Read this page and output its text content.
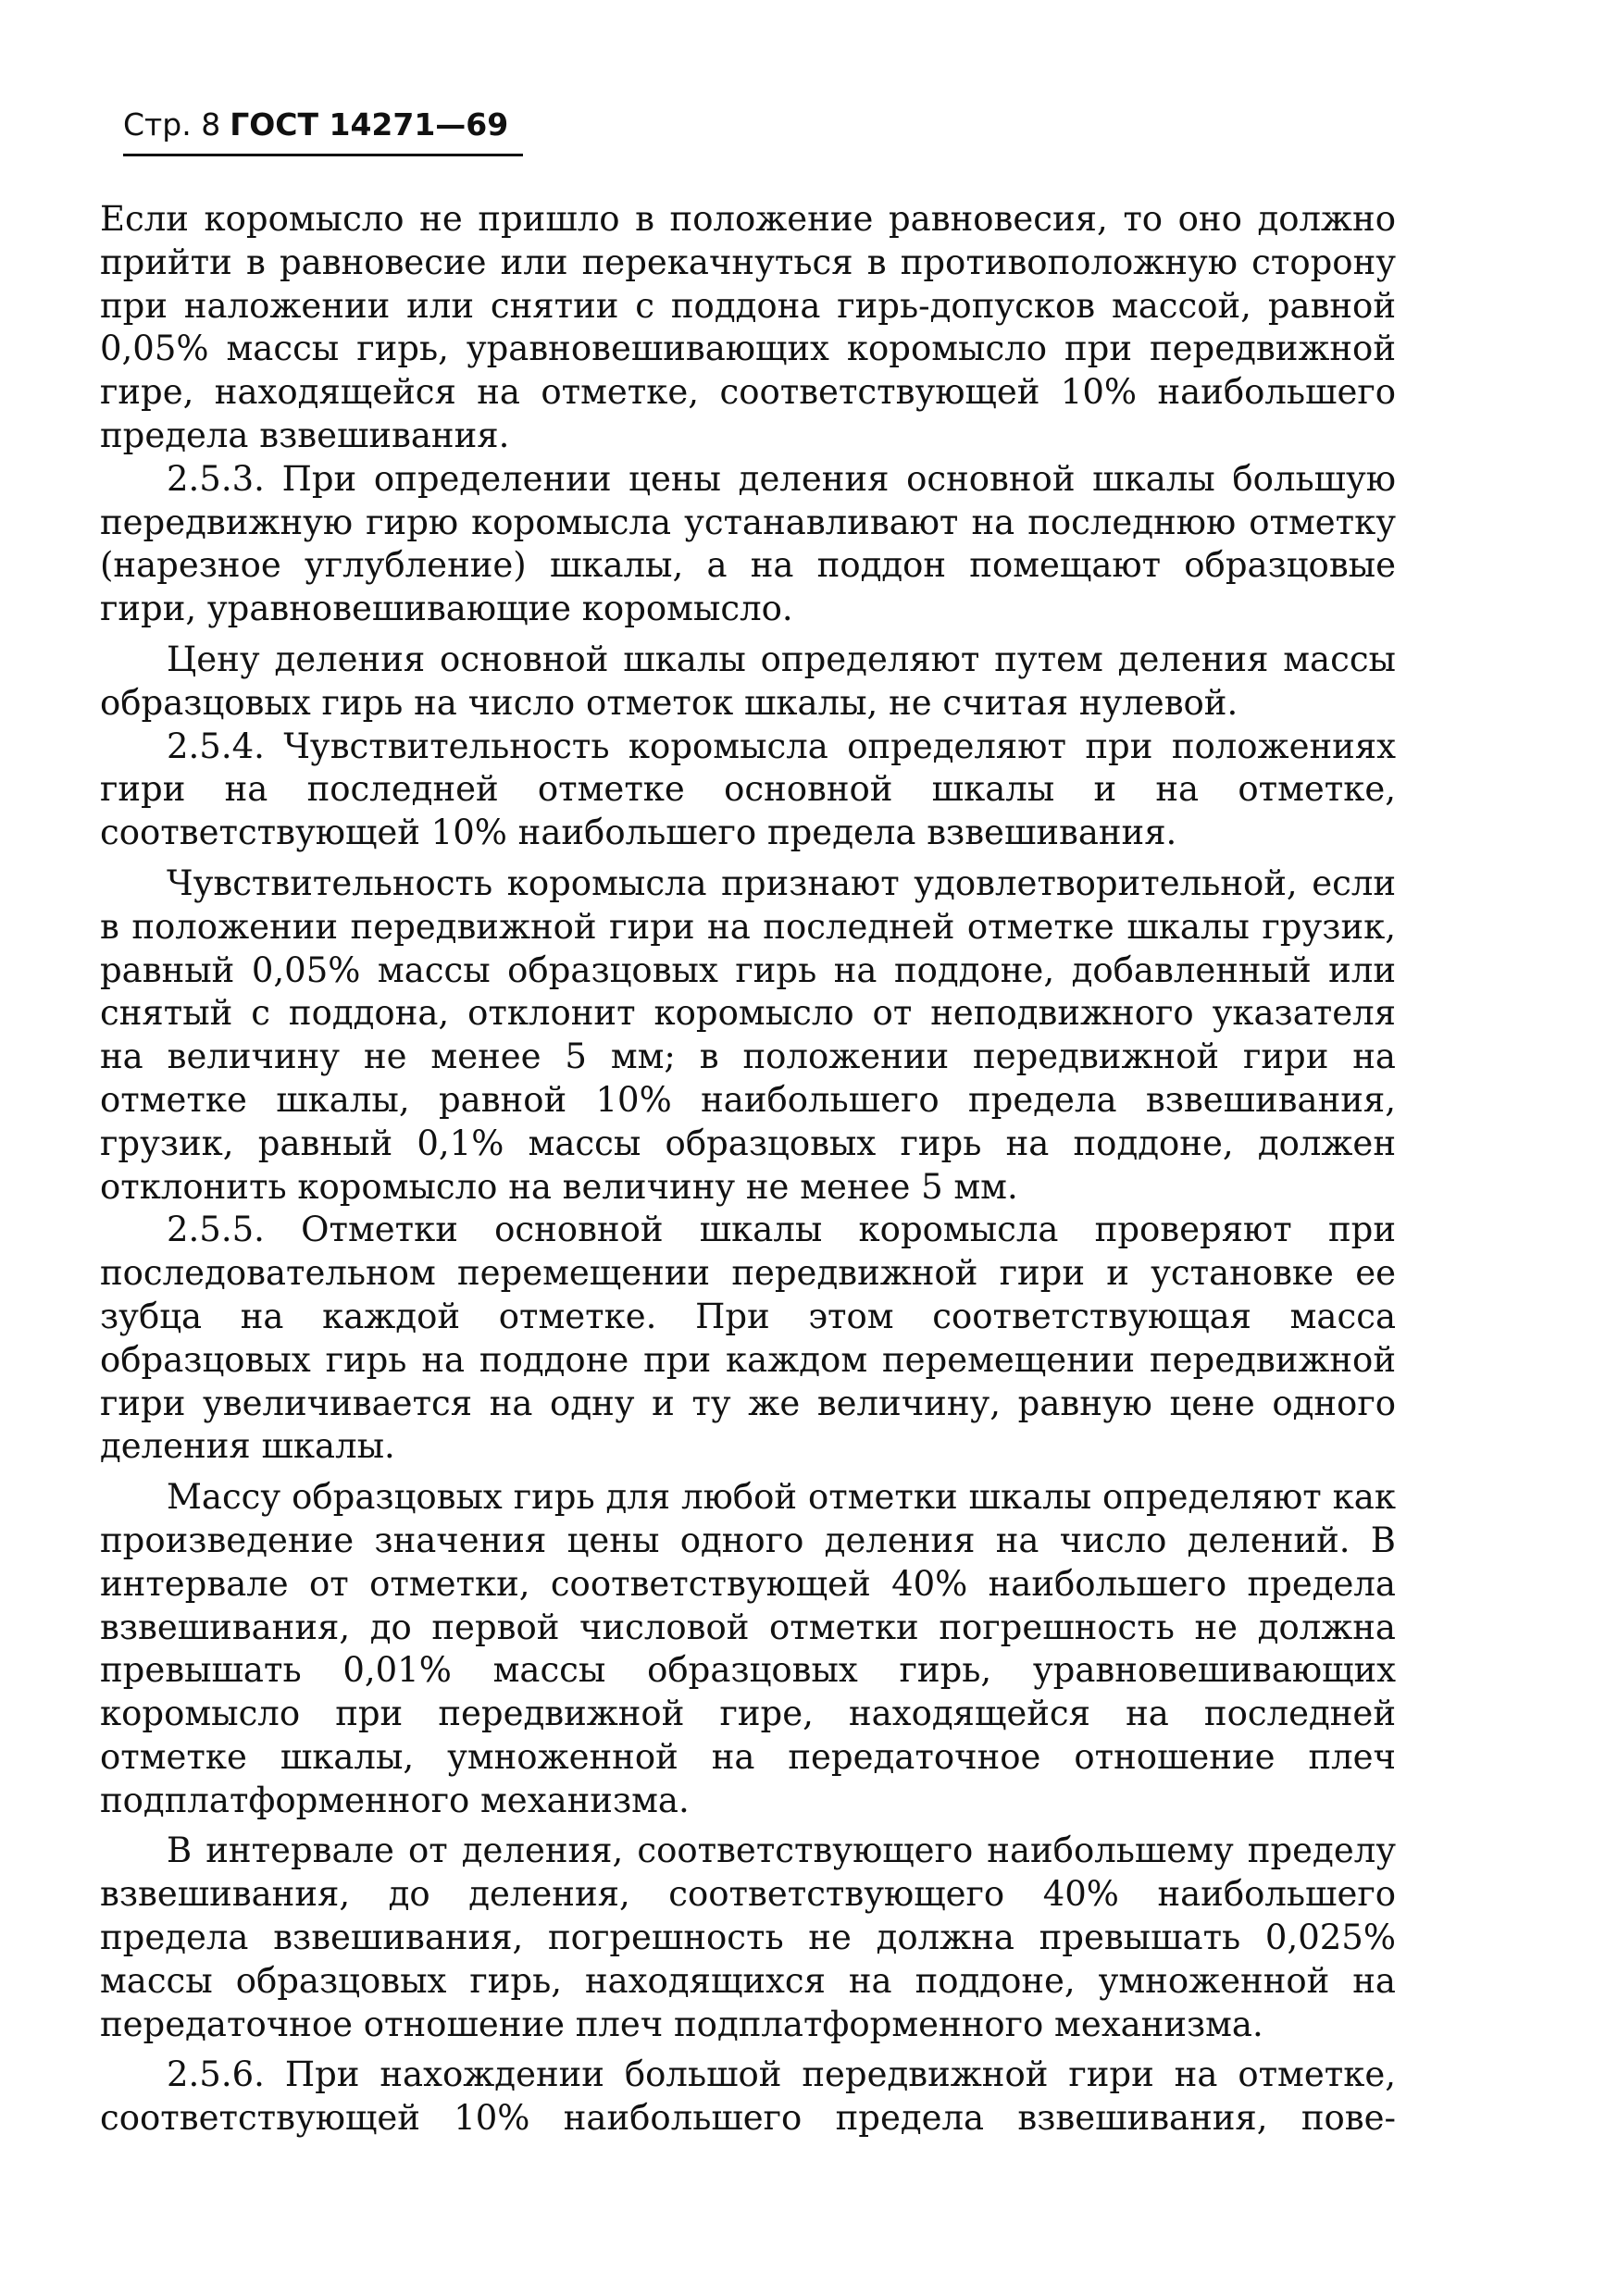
Стр. 8 ГОСТ 14271—69

Если коромысло не пришло в положение равновесия, то оно должно прийти в равновесие или перекачнуться в противоположную сторону при наложении или снятии с поддона гирь-допусков массой, равной 0,05% массы гирь, уравновешивающих коромысло при передвижной гире, находящейся на отметке, соответствующей 10% наибольшего предела взвешивания.

2.5.3. При определении цены деления основной шкалы большую передвижную гирю коромысла устанавливают на последнюю отметку (нарезное углубление) шкалы, а на поддон помещают образцовые гири, уравновешивающие коромысло.

Цену деления основной шкалы определяют путем деления массы образцовых гирь на число отметок шкалы, не считая нулевой.

2.5.4. Чувствительность коромысла определяют при положениях гири на последней отметке основной шкалы и на отметке, соответствующей 10% наибольшего предела взвешивания.

Чувствительность коромысла признают удовлетворительной, если в положении передвижной гири на последней отметке шкалы грузик, равный 0,05% массы образцовых гирь на поддоне, добавленный или снятый с поддона, отклонит коромысло от неподвижного указателя на величину не менее 5 мм; в положении передвижной гири на отметке шкалы, равной 10% наибольшего предела взвешивания, грузик, равный 0,1% массы образцовых гирь на поддоне, должен отклонить коромысло на величину не менее 5 мм.

2.5.5. Отметки основной шкалы коромысла проверяют при последовательном перемещении передвижной гири и установке ее зубца на каждой отметке. При этом соответствующая масса образцовых гирь на поддоне при каждом перемещении передвижной гири увеличивается на одну и ту же величину, равную цене одного деления шкалы.

Массу образцовых гирь для любой отметки шкалы определяют как произведение значения цены одного деления на число делений. В интервале от отметки, соответствующей 40% наибольшего предела взвешивания, до первой числовой отметки погрешность не должна превышать 0,01% массы образцовых гирь, уравновешивающих коромысло при передвижной гире, находящейся на последней отметке шкалы, умноженной на передаточное отношение плеч подплатформенного механизма.

В интервале от деления, соответствующего наибольшему пределу взвешивания, до деления, соответствующего 40% наибольшего предела взвешивания, погрешность не должна превышать 0,025% массы образцовых гирь, находящихся на поддоне, умноженной на передаточное отношение плеч подплатформенного механизма.

2.5.6. При нахождении большой передвижной гири на отметке, соответствующей 10% наибольшего предела взвешивания, пове-
